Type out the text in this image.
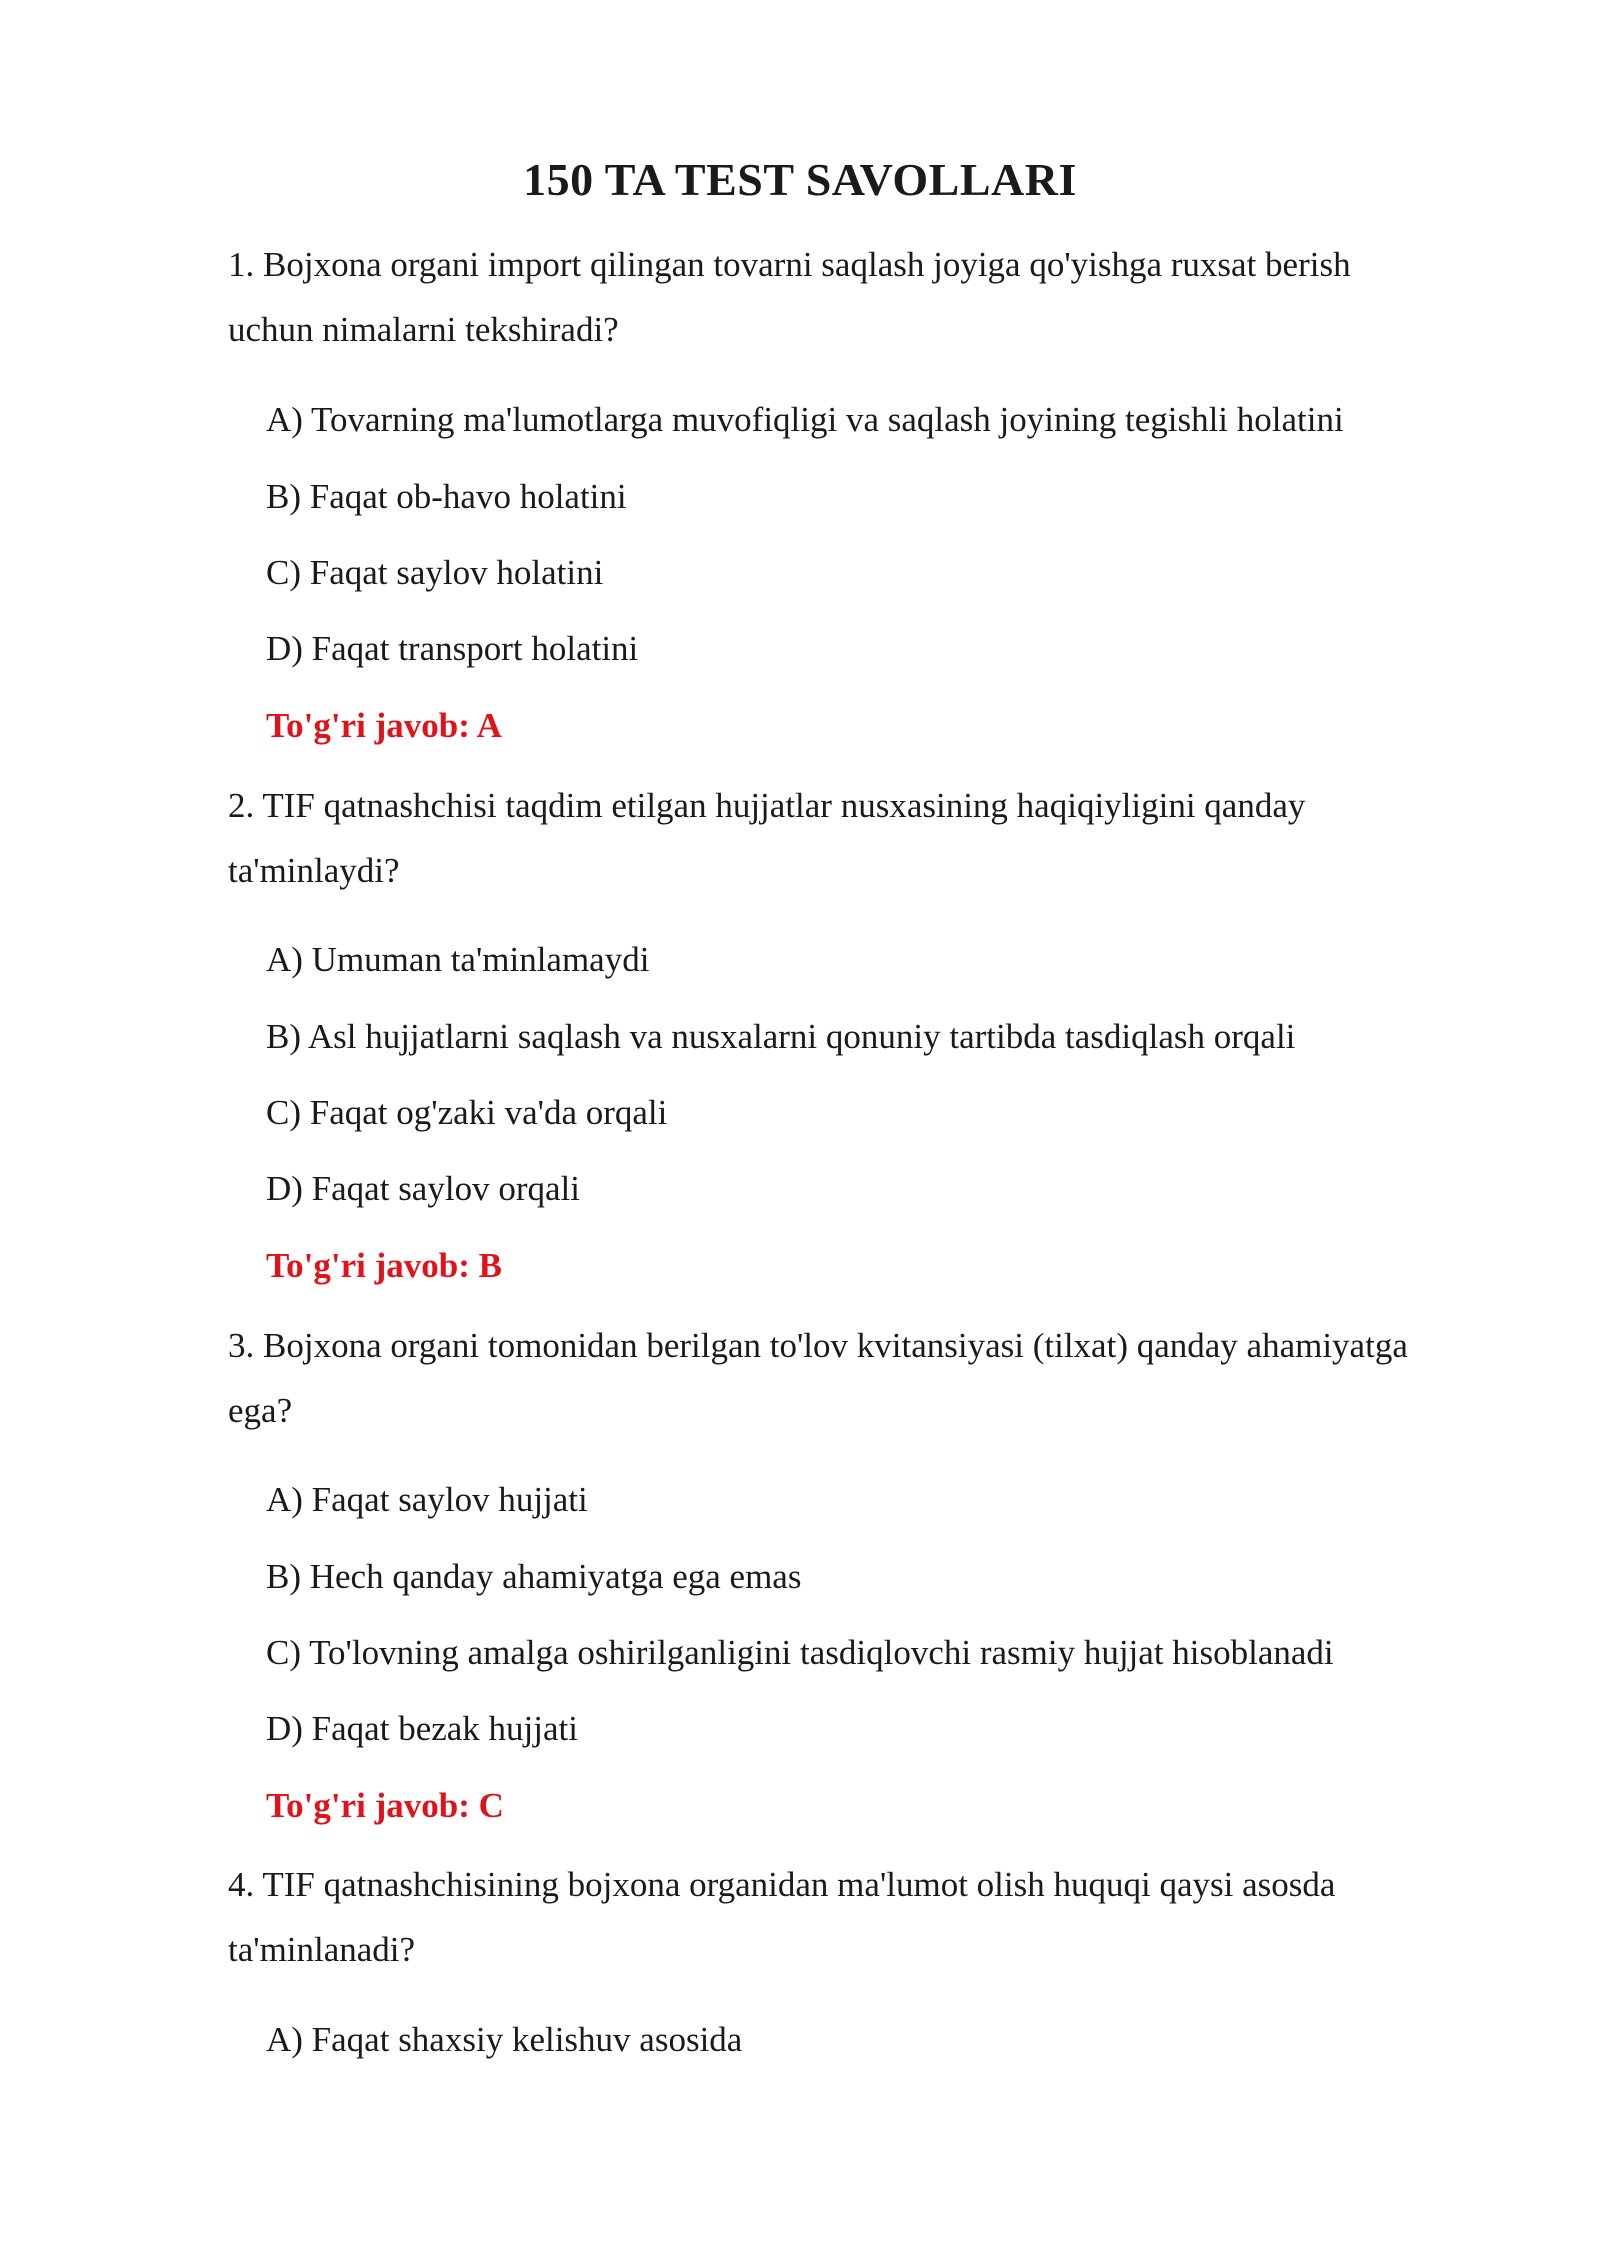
150 TA TEST SAVOLLARI
1. Bojxona organi import qilingan tovarni saqlash joyiga qo'yishga ruxsat berish uchun nimalarni tekshiradi?
A) Tovarning ma'lumotlarga muvofiqligi va saqlash joyining tegishli holatini
B) Faqat ob-havo holatini
C) Faqat saylov holatini
D) Faqat transport holatini
To'g'ri javob: A
2. TIF qatnashchisi taqdim etilgan hujjatlar nusxasining haqiqiyligini qanday ta'minlaydi?
A) Umuman ta'minlamaydi
B) Asl hujjatlarni saqlash va nusxalarni qonuniy tartibda tasdiqlash orqali
C) Faqat og'zaki va'da orqali
D) Faqat saylov orqali
To'g'ri javob: B
3. Bojxona organi tomonidan berilgan to'lov kvitansiyasi (tilxat) qanday ahamiyatga ega?
A) Faqat saylov hujjati
B) Hech qanday ahamiyatga ega emas
C) To'lovning amalga oshirilganligini tasdiqlovchi rasmiy hujjat hisoblanadi
D) Faqat bezak hujjati
To'g'ri javob: C
4. TIF qatnashchisining bojxona organidan ma'lumot olish huquqi qaysi asosda ta'minlanadi?
A) Faqat shaxsiy kelishuv asosida
